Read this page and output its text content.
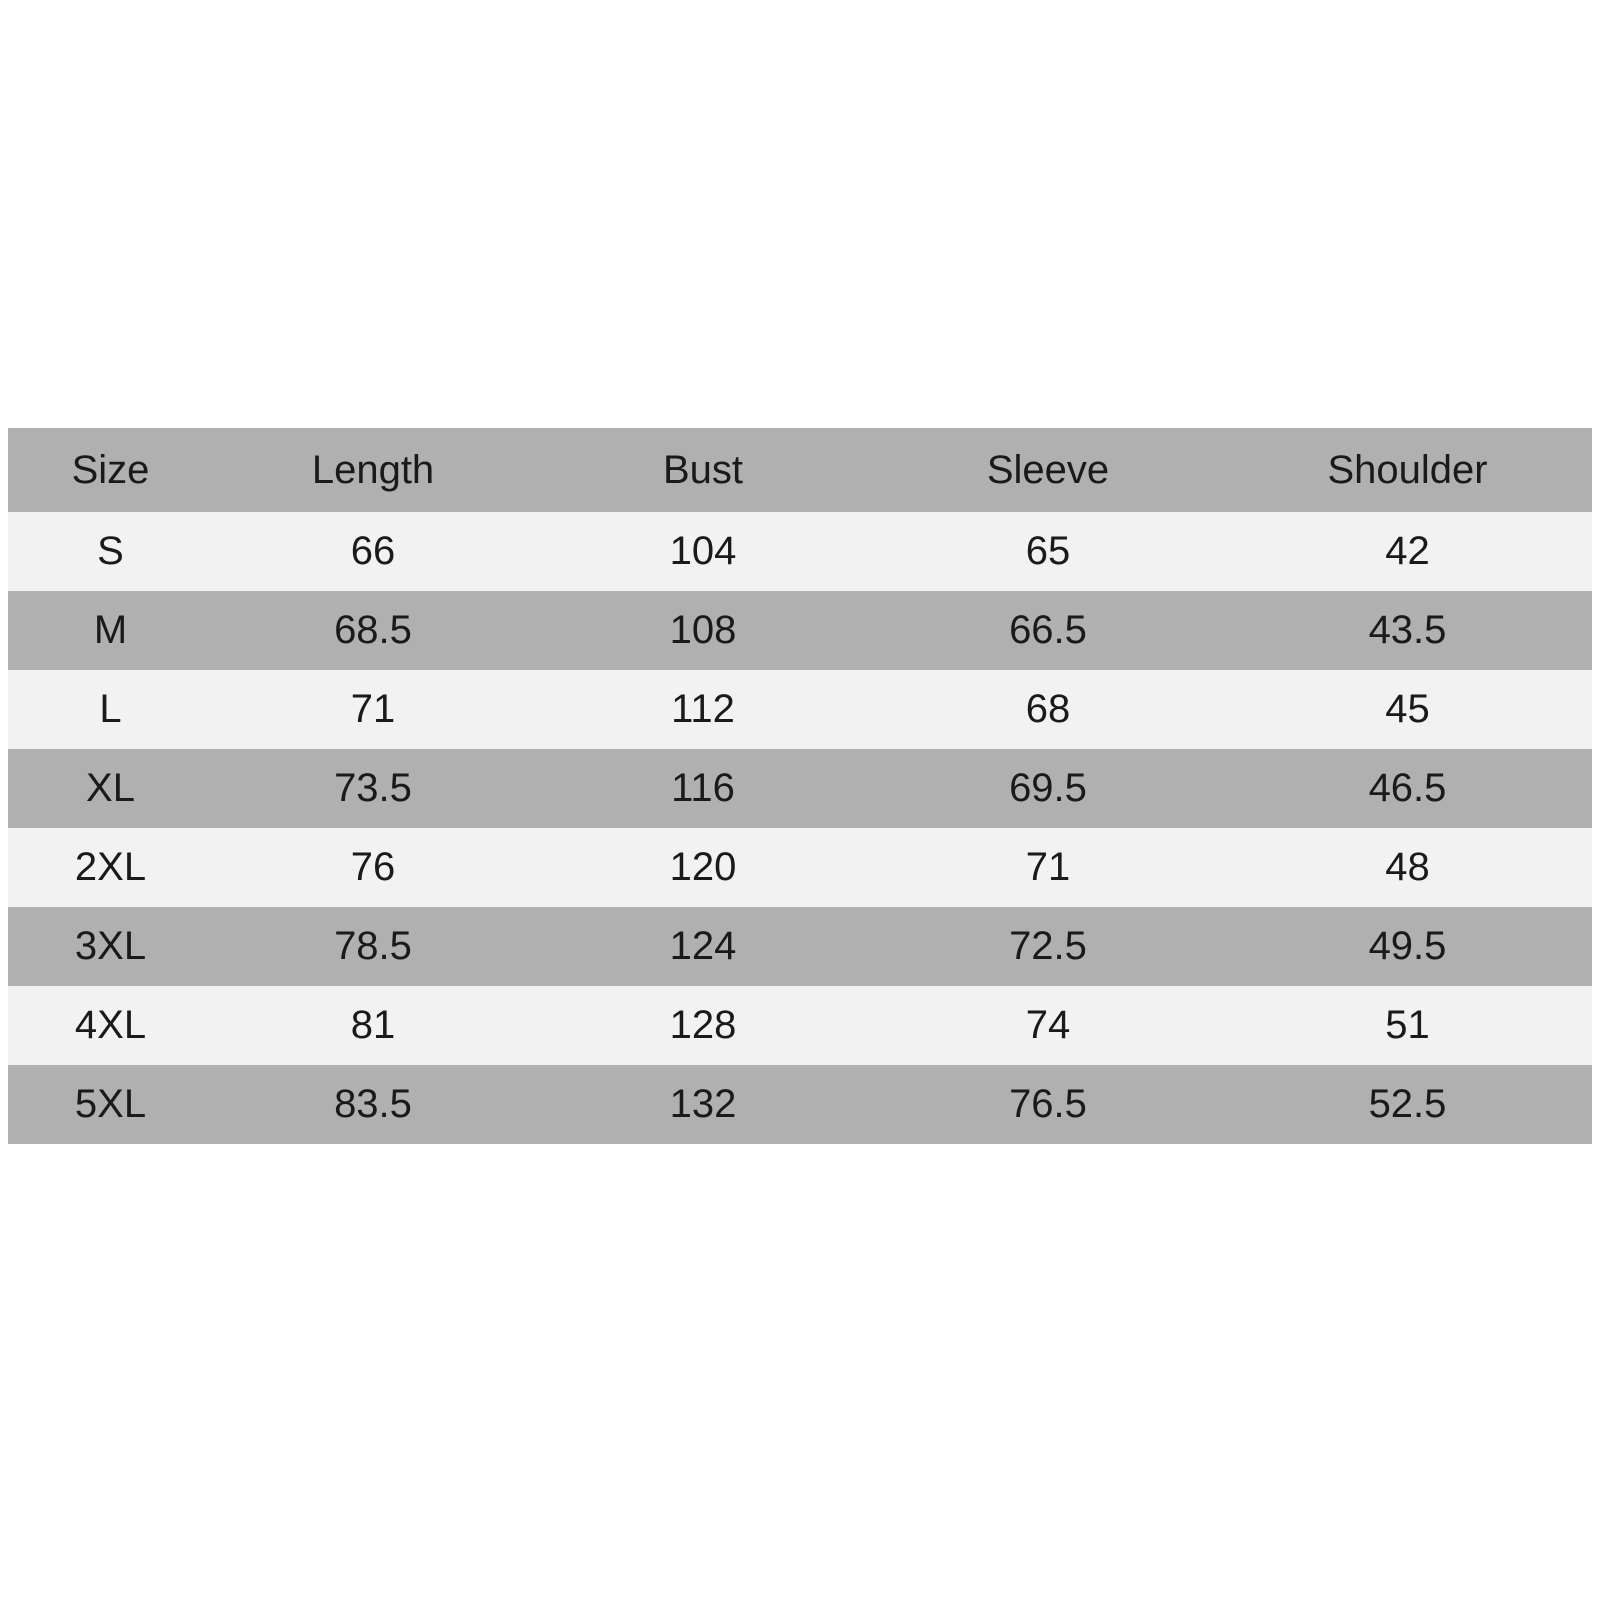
Size	Length	Bust	Sleeve	Shoulder
S	66	104	65	42
M	68.5	108	66.5	43.5
L	71	112	68	45
XL	73.5	116	69.5	46.5
2XL	76	120	71	48
3XL	78.5	124	72.5	49.5
4XL	81	128	74	51
5XL	83.5	132	76.5	52.5
